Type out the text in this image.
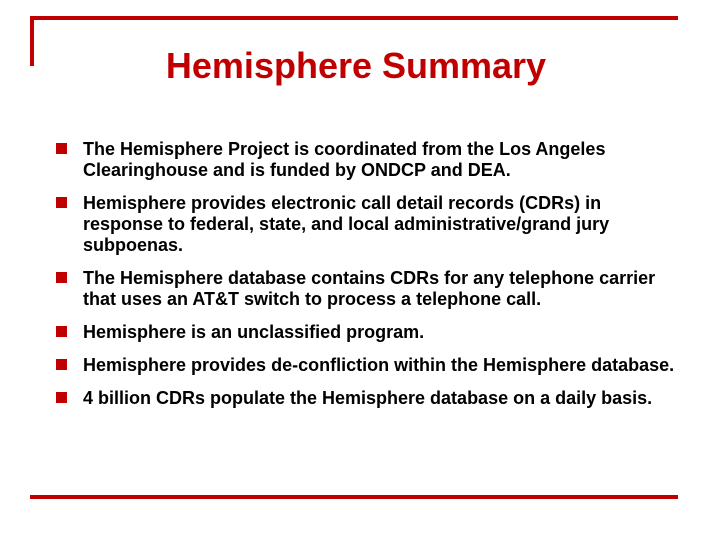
Hemisphere Summary
The Hemisphere Project is coordinated from the Los Angeles Clearinghouse and is funded by ONDCP and DEA.
Hemisphere provides electronic call detail records (CDRs) in response to federal, state, and local administrative/grand jury subpoenas.
The Hemisphere database contains CDRs for any telephone carrier that uses an AT&T switch to process a telephone call.
Hemisphere is an unclassified program.
Hemisphere provides de-confliction within the Hemisphere database.
4 billion CDRs populate the Hemisphere database on a daily basis.
